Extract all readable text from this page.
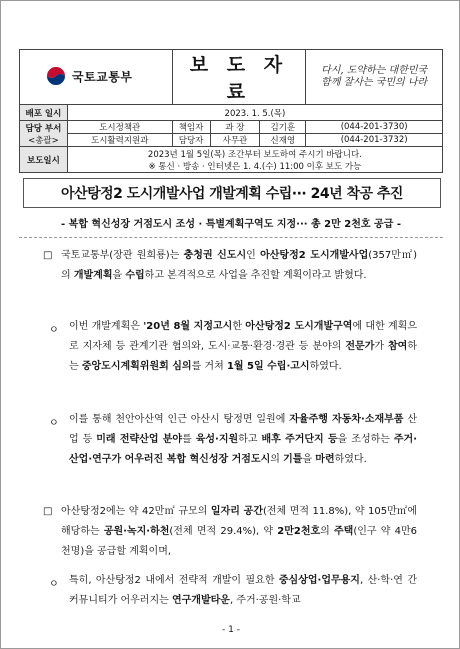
국토교통부		보 도 자 료			다시, 도약하는 대한민국
함께 잘사는 국민의 나라

배포 일시	2023. 1. 5.(목)				

담당 부서
<총괄>	도시정책관	책임자	과 장	김기훈	(044-201-3730)
	도시활력지원과	담당자	사무관	신재영	(044-201-3732)
보도일시	2023년 1월 5일(목) 조간부터 보도하여 주시기 바랍니다.
※ 통신 · 방송 · 인터넷은 1. 4.(수) 11:00 이후 보도 가능				
아산탕정2 도시개발사업 개발계획 수립··· 24년 착공 추진
- 복합 혁신성장 거점도시 조성 · 특별계획구역도 지정··· 총 2만 2천호 공급 -
□ 국토교통부(장관 원희룡)는 충청권 신도시인 아산탕정2 도시개발사업(357만㎡)의 개발계획을 수립하고 본격적으로 사업을 추진할 계획이라고 밝혔다.
ㅇ 이번 개발계획은 '20년 8월 지정고시한 아산탕정2 도시개발구역에 대한 계획으로 지자체 등 관계기관 협의와, 도시·교통·환경·경관 등 분야의 전문가가 참여하는 중앙도시계획위원회 심의를 거쳐 1월 5일 수립·고시하였다.
ㅇ 이를 통해 천안아산역 인근 아산시 탕정면 일원에 자율주행 자동차·소재부품 산업 등 미래 전략산업 분야를 육성·지원하고 배후 주거단지 등을 조성하는 주거·산업·연구가 어우러진 복합 혁신성장 거점도시의 기틀을 마련하였다.
□ 아산탕정2에는 약 42만㎡ 규모의 일자리 공간(전체 면적 11.8%), 약 105만㎡에 해당하는 공원·녹지·하천(전체 면적 29.4%), 약 2만2천호의 주택(인구 약 4만6천명)을 공급할 계획이며,
ㅇ 특히, 아산탕정2 내에서 전략적 개발이 필요한 중심상업·업무용지, 산·학·연 간 커뮤니티가 어우러지는 연구개발타운, 주거·공원·학교
- 1 -
